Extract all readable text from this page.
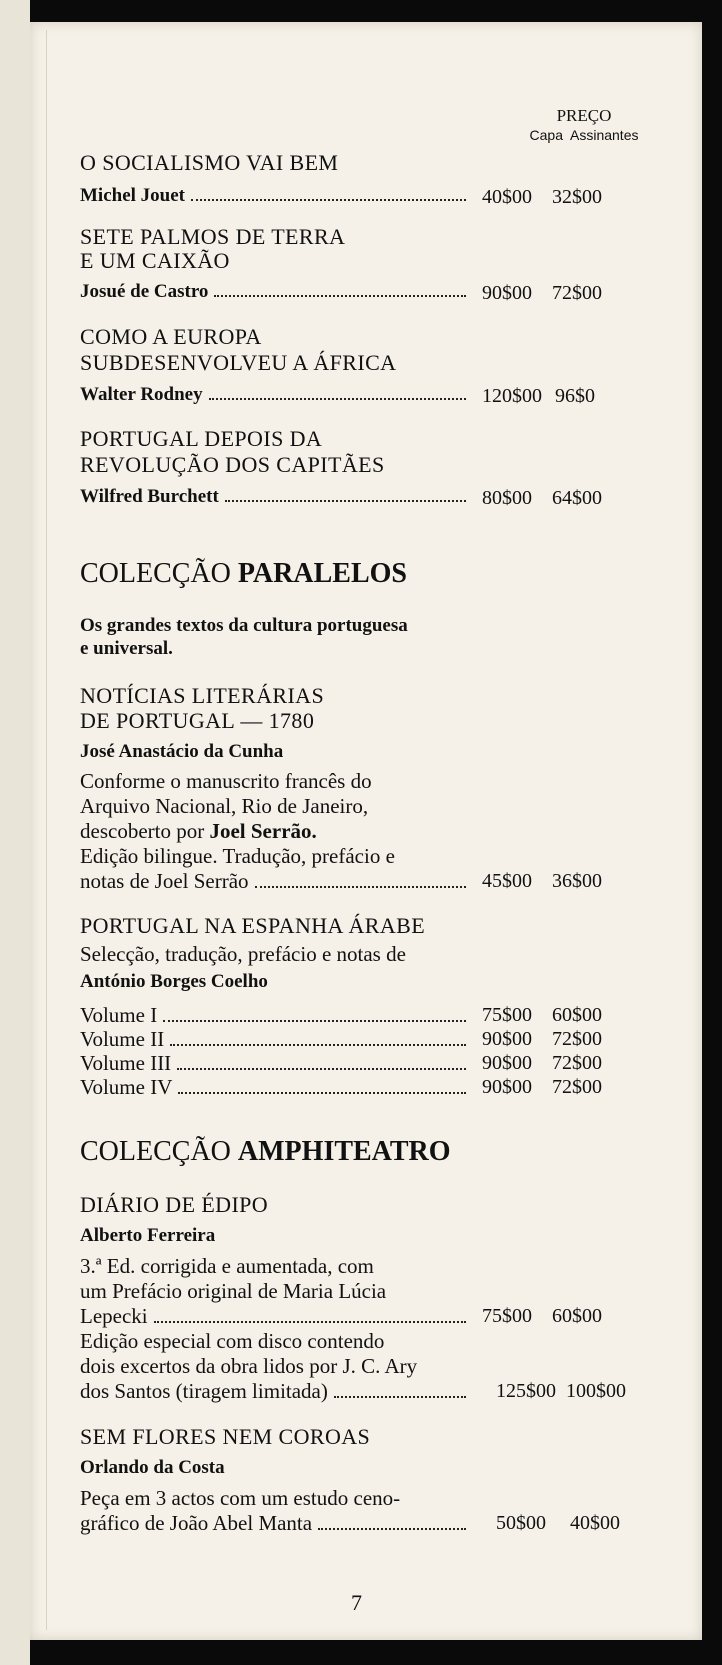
PREÇO
Capa  Assinantes
O SOCIALISMO VAI BEM
Michel Jouet	40$00 32$00
SETE PALMOS DE TERRA
E UM CAIXÃO
Josué de Castro	90$00 72$00
COMO A EUROPA
SUBDESENVOLVEU A ÁFRICA
Walter Rodney	120$00 96$0
PORTUGAL DEPOIS DA
REVOLUÇÃO DOS CAPITÃES
Wilfred Burchett	80$00 64$00
COLECÇÃO PARALELOS
Os grandes textos da cultura portuguesa
e universal.
NOTÍCIAS LITERÁRIAS
DE PORTUGAL — 1780
José Anastácio da Cunha
Conforme o manuscrito francês do
Arquivo Nacional, Rio de Janeiro,
descoberto por Joel Serrão.
Edição bilingue. Tradução, prefácio e
notas de Joel Serrão	45$00 36$00
PORTUGAL NA ESPANHA ÁRABE
Selecção, tradução, prefácio e notas de
António Borges Coelho
Volume I	75$00 60$00
Volume II	90$00 72$00
Volume III	90$00 72$00
Volume IV	90$00 72$00
COLECÇÃO AMPHITEATRO
DIÁRIO DE ÉDIPO
Alberto Ferreira
3.ª Ed. corrigida e aumentada, com
um Prefácio original de Maria Lúcia
Lepecki	75$00 60$00
Edição especial com disco contendo
dois excertos da obra lidos por J. C. Ary
dos Santos (tiragem limitada)	125$00 100$00
SEM FLORES NEM COROAS
Orlando da Costa
Peça em 3 actos com um estudo ceno-
gráfico de João Abel Manta	50$00 40$00
7
